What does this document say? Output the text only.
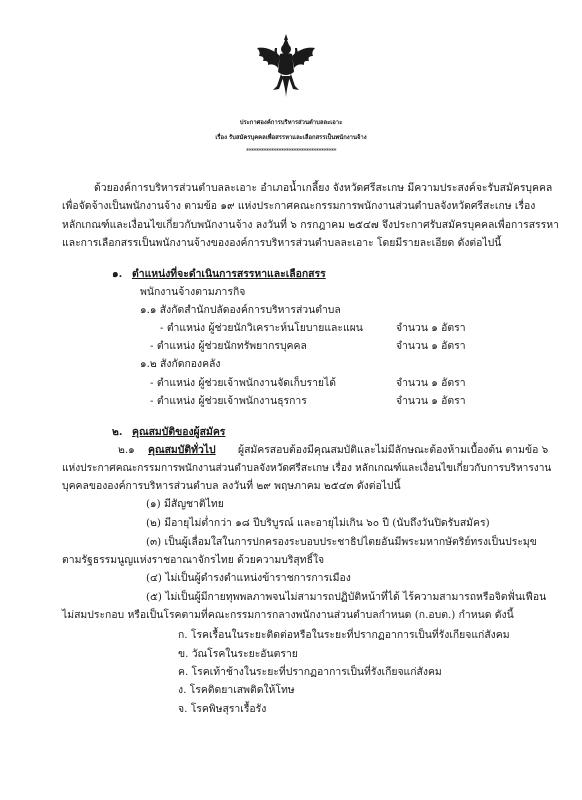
ประกาศองค์การบริหารส่วนตำบลละเอาะ
เรื่อง รับสมัครบุคคลเพื่อสรรหาและเลือกสรรเป็นพนักงานจ้าง
************************************
ด้วยองค์การบริหารส่วนตำบลละเอาะ อำเภอน้ำเกลี้ยง จังหวัดศรีสะเกษ มีความประสงค์จะรับสมัครบุคคล
เพื่อจัดจ้างเป็นพนักงานจ้าง ตามข้อ ๑๙ แห่งประกาศคณะกรรมการพนักงานส่วนตำบลจังหวัดศรีสะเกษ เรื่อง
หลักเกณฑ์และเงื่อนไขเกี่ยวกับพนักงานจ้าง ลงวันที่ ๖ กรกฎาคม ๒๕๔๗ จึงประกาศรับสมัครบุคคลเพื่อการสรรหา
และการเลือกสรรเป็นพนักงานจ้างขององค์การบริหารส่วนตำบลละเอาะ โดยมีรายละเอียด ดังต่อไปนี้
๑. ตำแหน่งที่จะดำเนินการสรรหาและเลือกสรร
พนักงานจ้างตามภารกิจ
๑.๑ สังกัดสำนักปลัดองค์การบริหารส่วนตำบล
- ตำแหน่ง ผู้ช่วยนักวิเคราะห์นโยบายและแผน	จำนวน ๑ อัตรา
- ตำแหน่ง ผู้ช่วยนักทรัพยากรบุคคล	จำนวน ๑ อัตรา
๑.๒ สังกัดกองคลัง
- ตำแหน่ง ผู้ช่วยเจ้าพนักงานจัดเก็บรายได้	จำนวน ๑ อัตรา
- ตำแหน่ง ผู้ช่วยเจ้าพนักงานธุรการ	จำนวน ๑ อัตรา
๒. คุณสมบัติของผู้สมัคร
๒.๑ คุณสมบัติทั่วไป ผู้สมัครสอบต้องมีคุณสมบัติและไม่มีลักษณะต้องห้ามเบื้องต้น ตามข้อ ๖
แห่งประกาศคณะกรรมการพนักงานส่วนตำบลจังหวัดศรีสะเกษ เรื่อง หลักเกณฑ์และเงื่อนไขเกี่ยวกับการบริหารงาน
บุคคลขององค์การบริหารส่วนตำบล ลงวันที่ ๒๙ พฤษภาคม ๒๕๔๓ ดังต่อไปนี้
(๑) มีสัญชาติไทย
(๒) มีอายุไม่ต่ำกว่า ๑๘ ปีบริบูรณ์ และอายุไม่เกิน ๖๐ ปี (นับถึงวันปิดรับสมัคร)
(๓) เป็นผู้เลื่อมใสในการปกครองระบอบประชาธิปไตยอันมีพระมหากษัตริย์ทรงเป็นประมุข
ตามรัฐธรรมนูญแห่งราชอาณาจักรไทย ด้วยความบริสุทธิ์ใจ
(๔) ไม่เป็นผู้ดำรงตำแหน่งข้าราชการการเมือง
(๕) ไม่เป็นผู้มีกายทุพพลภาพจนไม่สามารถปฏิบัติหน้าที่ได้ ไร้ความสามารถหรือจิตฟั่นเฟือน
ไม่สมประกอบ หรือเป็นโรคตามที่คณะกรรมการกลางพนักงานส่วนตำบลกำหนด (ก.อบต.) กำหนด ดังนี้
ก. โรคเรื้อนในระยะติดต่อหรือในระยะที่ปรากฏอาการเป็นที่รังเกียจแก่สังคม
ข. วัณโรคในระยะอันตราย
ค. โรคเท้าช้างในระยะที่ปรากฏอาการเป็นที่รังเกียจแก่สังคม
ง. โรคติดยาเสพติดให้โทษ
จ. โรคพิษสุราเรื้อรัง
